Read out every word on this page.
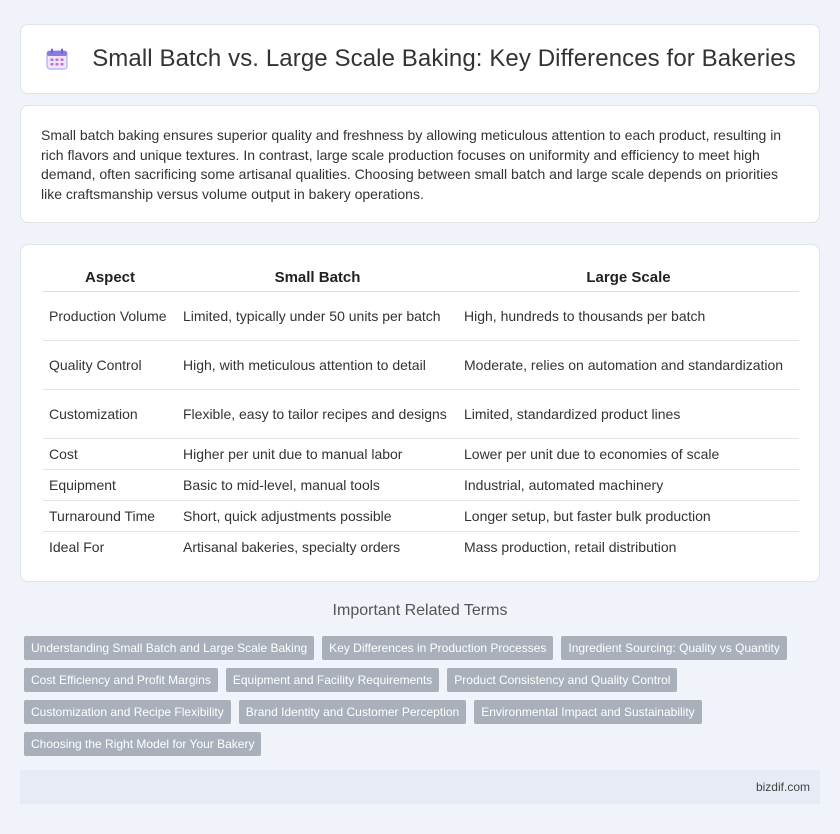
Small Batch vs. Large Scale Baking: Key Differences for Bakeries

Small batch baking ensures superior quality and freshness by allowing meticulous attention to each product, resulting in rich flavors and unique textures. In contrast, large scale production focuses on uniformity and efficiency to meet high demand, often sacrificing some artisanal qualities. Choosing between small batch and large scale depends on priorities like craftsmanship versus volume output in bakery operations.

Aspect	Small Batch	Large Scale
Production Volume	Limited, typically under 50 units per batch	High, hundreds to thousands per batch
Quality Control	High, with meticulous attention to detail	Moderate, relies on automation and standardization
Customization	Flexible, easy to tailor recipes and designs	Limited, standardized product lines
Cost	Higher per unit due to manual labor	Lower per unit due to economies of scale
Equipment	Basic to mid-level, manual tools	Industrial, automated machinery
Turnaround Time	Short, quick adjustments possible	Longer setup, but faster bulk production
Ideal For	Artisanal bakeries, specialty orders	Mass production, retail distribution
Important Related Terms
Understanding Small Batch and Large Scale Baking	Key Differences in Production Processes	Ingredient Sourcing: Quality vs Quantity
Cost Efficiency and Profit Margins	Equipment and Facility Requirements	Product Consistency and Quality Control
Customization and Recipe Flexibility	Brand Identity and Customer Perception	Environmental Impact and Sustainability
Choosing the Right Model for Your Bakery
bizdif.com
